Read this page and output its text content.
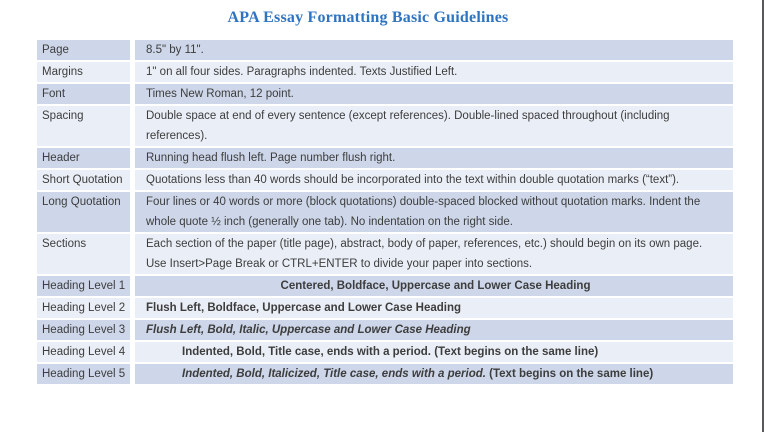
APA Essay Formatting Basic Guidelines
Page	8.5" by 11".
Margins	1" on all four sides. Paragraphs indented. Texts Justified Left.
Font	Times New Roman, 12 point.
Spacing	Double space at end of every sentence (except references). Double-lined spaced throughout (including references).
Header	Running head flush left. Page number flush right.
Short Quotation	Quotations less than 40 words should be incorporated into the text within double quotation marks (“text”).
Long Quotation	Four lines or 40 words or more (block quotations) double-spaced blocked without quotation marks. Indent the whole quote ½ inch (generally one tab). No indentation on the right side.
Sections	Each section of the paper (title page), abstract, body of paper, references, etc.) should begin on its own page. Use Insert>Page Break or CTRL+ENTER to divide your paper into sections.
Heading Level 1	Centered, Boldface, Uppercase and Lower Case Heading
Heading Level 2	Flush Left, Boldface, Uppercase and Lower Case Heading
Heading Level 3	Flush Left, Bold, Italic, Uppercase and Lower Case Heading
Heading Level 4	Indented, Bold, Title case, ends with a period. (Text begins on the same line)
Heading Level 5	Indented, Bold, Italicized, Title case, ends with a period. (Text begins on the same line)
